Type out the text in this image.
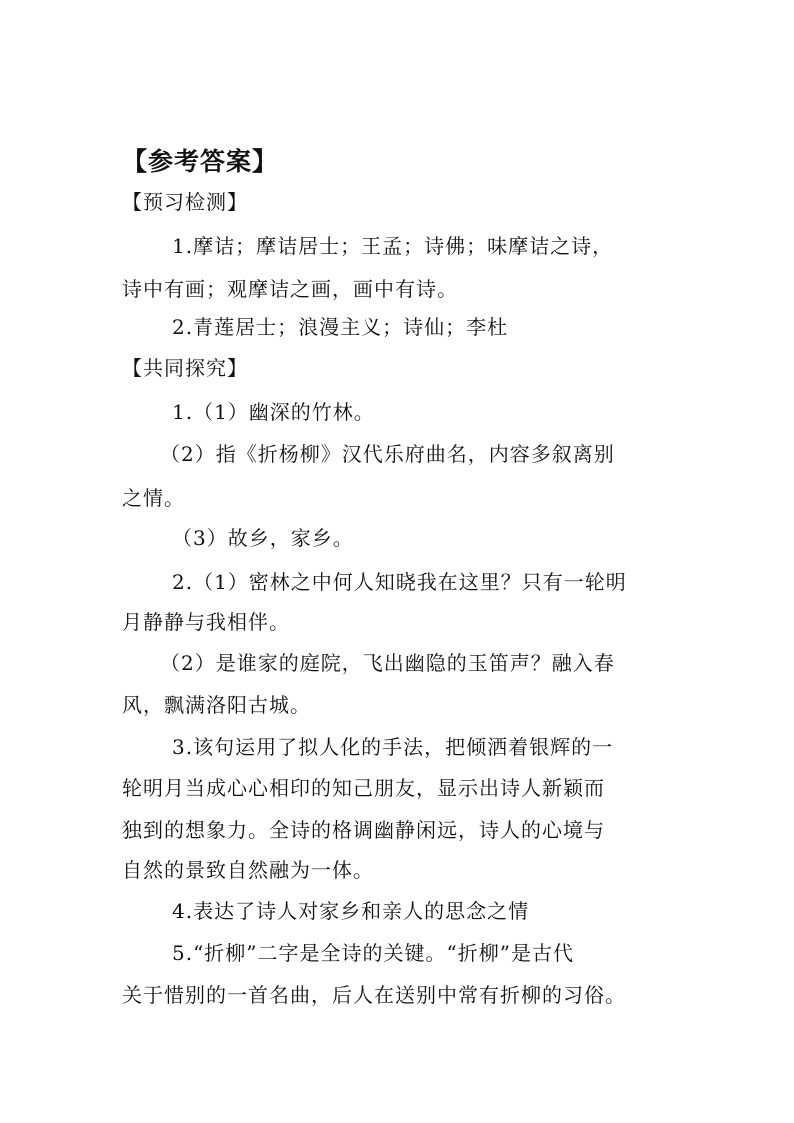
【参考答案】
【预习检测】
1.摩诘；摩诘居士；王孟；诗佛；味摩诘之诗，
诗中有画；观摩诘之画，画中有诗。
2.青莲居士；浪漫主义；诗仙；李杜
【共同探究】
1.（1）幽深的竹林。
（2）指《折杨柳》汉代乐府曲名，内容多叙离别
之情。
（3）故乡，家乡。
2.（1）密林之中何人知晓我在这里？只有一轮明
月静静与我相伴。
（2）是谁家的庭院，飞出幽隐的玉笛声？融入春
风，飘满洛阳古城。
3.该句运用了拟人化的手法，把倾洒着银辉的一
轮明月当成心心相印的知己朋友，显示出诗人新颖而
独到的想象力。全诗的格调幽静闲远，诗人的心境与
自然的景致自然融为一体。
4.表达了诗人对家乡和亲人的思念之情
5.“折柳”二字是全诗的关键。“折柳”是古代
关于惜别的一首名曲，后人在送别中常有折柳的习俗。
